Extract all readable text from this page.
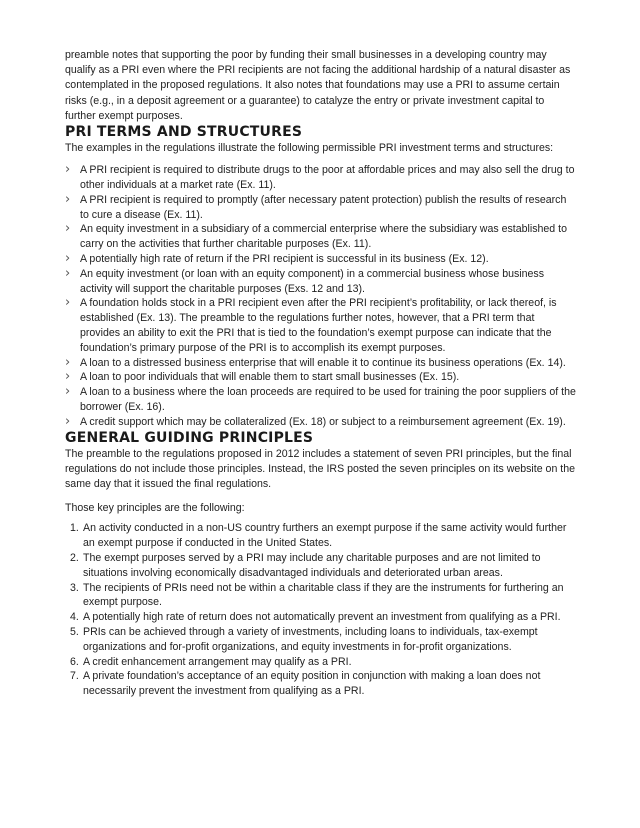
preamble notes that supporting the poor by funding their small businesses in a developing country may qualify as a PRI even where the PRI recipients are not facing the additional hardship of a natural disaster as contemplated in the proposed regulations. It also notes that foundations may use a PRI to assume certain risks (e.g., in a deposit agreement or a guarantee) to catalyze the entry or private investment capital to further exempt purposes.

PRI TERMS AND STRUCTURES

The examples in the regulations illustrate the following permissible PRI investment terms and structures:

› A PRI recipient is required to distribute drugs to the poor at affordable prices and may also sell the drug to other individuals at a market rate (Ex. 11).
› A PRI recipient is required to promptly (after necessary patent protection) publish the results of research to cure a disease (Ex. 11).
› An equity investment in a subsidiary of a commercial enterprise where the subsidiary was established to carry on the activities that further charitable purposes (Ex. 11).
› A potentially high rate of return if the PRI recipient is successful in its business (Ex. 12).
› An equity investment (or loan with an equity component) in a commercial business whose business activity will support the charitable purposes (Exs. 12 and 13).
› A foundation holds stock in a PRI recipient even after the PRI recipient’s profitability, or lack thereof, is established (Ex. 13). The preamble to the regulations further notes, however, that a PRI term that provides an ability to exit the PRI that is tied to the foundation’s exempt purpose can indicate that the foundation’s primary purpose of the PRI is to accomplish its exempt purposes.
› A loan to a distressed business enterprise that will enable it to continue its business operations (Ex. 14).
› A loan to poor individuals that will enable them to start small businesses (Ex. 15).
› A loan to a business where the loan proceeds are required to be used for training the poor suppliers of the borrower (Ex. 16).
› A credit support which may be collateralized (Ex. 18) or subject to a reimbursement agreement (Ex. 19).
GENERAL GUIDING PRINCIPLES

The preamble to the regulations proposed in 2012 includes a statement of seven PRI principles, but the final regulations do not include those principles. Instead, the IRS posted the seven principles on its website on the same day that it issued the final regulations.

Those key principles are the following:

1. An activity conducted in a non-US country furthers an exempt purpose if the same activity would further an exempt purpose if conducted in the United States.
2. The exempt purposes served by a PRI may include any charitable purposes and are not limited to situations involving economically disadvantaged individuals and deteriorated urban areas.
3. The recipients of PRIs need not be within a charitable class if they are the instruments for furthering an exempt purpose.
4. A potentially high rate of return does not automatically prevent an investment from qualifying as a PRI.
5. PRIs can be achieved through a variety of investments, including loans to individuals, tax-exempt organizations and for-profit organizations, and equity investments in for-profit organizations.
6. A credit enhancement arrangement may qualify as a PRI.
7. A private foundation’s acceptance of an equity position in conjunction with making a loan does not necessarily prevent the investment from qualifying as a PRI.
